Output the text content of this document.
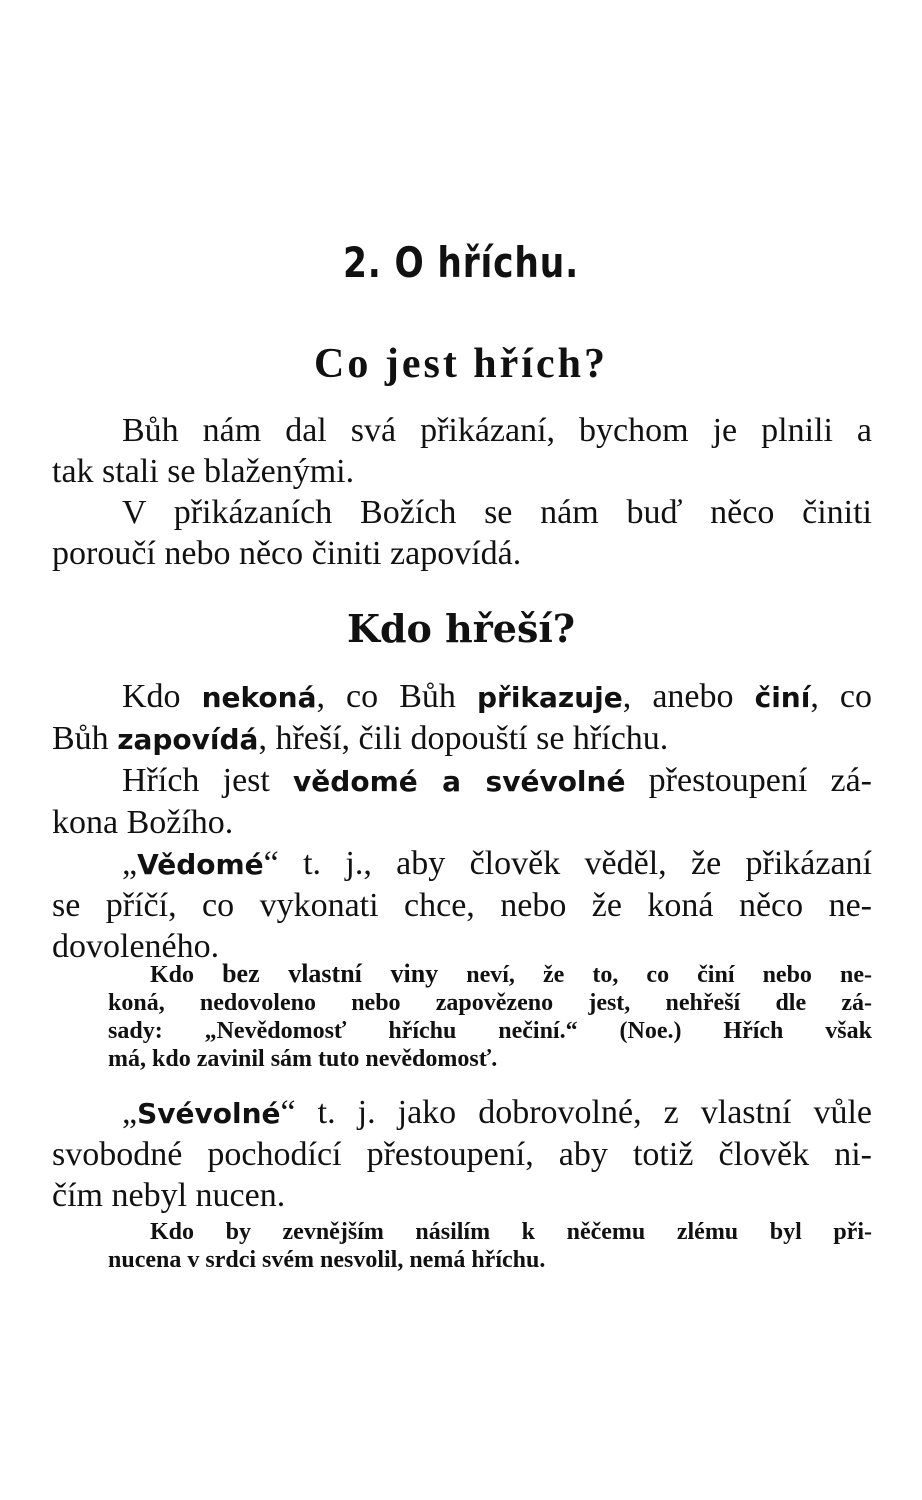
2. O hříchu.
Co jest hřích?

Bůh nám dal svá přikázaní, bychom je plnili a
tak stali se blaženými.

V přikázaních Božích se nám buď něco činiti
poroučí nebo něco činiti zapovídá.

Kdo hřeší?

Kdo nekoná, co Bůh přikazuje, anebo činí, co
Bůh zapovídá, hřeší, čili dopouští se hříchu.

Hřích jest vědomé a svévolné přestoupení zá-
kona Božího.

„Vědomé“ t. j., aby člověk věděl, že přikázaní
se příčí, co vykonati chce, nebo že koná něco ne-
dovoleného.

Kdo bez vlastní viny neví, že to, co činí nebo ne-
koná, nedovoleno nebo zapovězeno jest, nehřeší dle zá-
sady: „Nevědomosť hříchu nečiní.“ (Noe.) Hřích však
má, kdo zavinil sám tuto nevědomosť.

„Svévolné“ t. j. jako dobrovolné, z vlastní vůle
svobodné pochodící přestoupení, aby totiž člověk ni-
čím nebyl nucen.

Kdo by zevnějším násilím k něčemu zlému byl při-
nucena v srdci svém nesvolil, nemá hříchu.
